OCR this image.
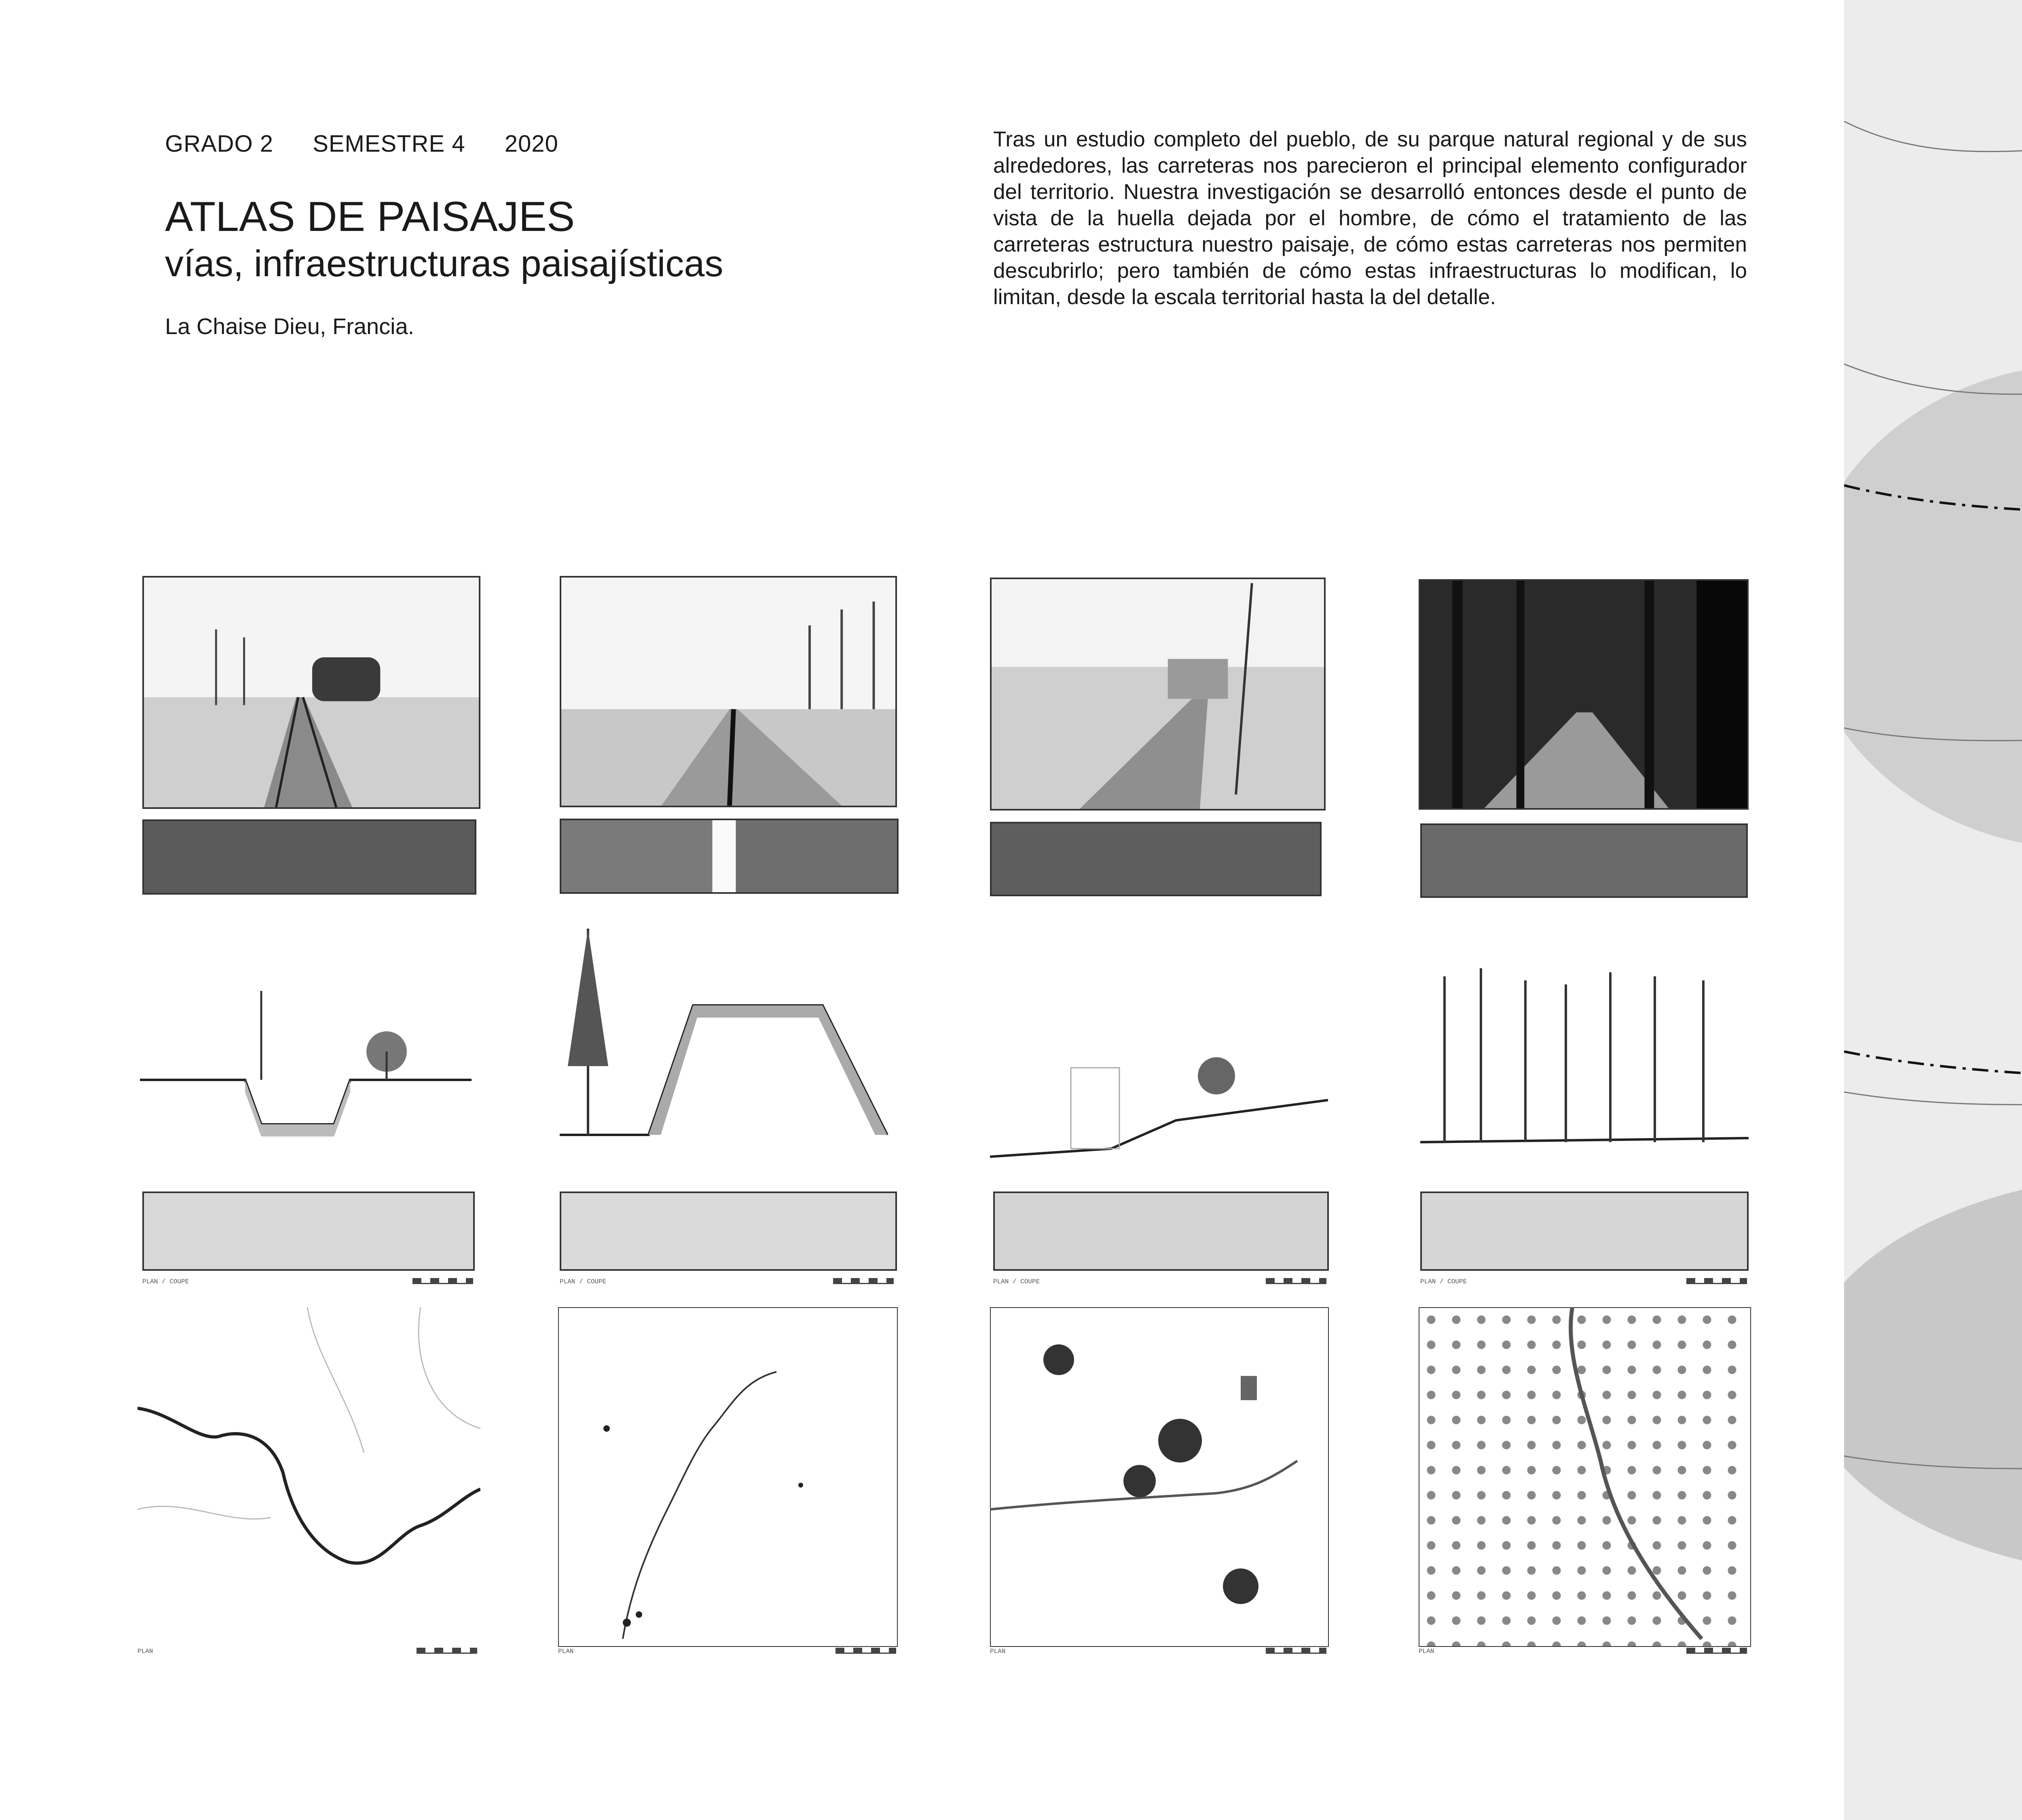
GRADO 2 SEMESTRE 4 2020
ATLAS DE PAISAJES
vías, infraestructuras paisajísticas
La Chaise Dieu, Francia.
Tras un estudio completo del pueblo, de su parque natural regional y de sus alrededores, las carreteras nos parecieron el principal elemento configurador del territorio. Nuestra investigación se desarrolló entonces desde el punto de vista de la huella dejada por el hombre, de cómo el tratamiento de las carreteras estructura nuestro paisaje, de cómo estas carreteras nos permiten descubrirlo; pero también de cómo estas infraestructuras lo modifican, lo limitan, desde la escala territorial hasta la del detalle.
PLAN / COUPE
PLAN
PLAN / COUPE
PLAN
PLAN / COUPE
PLAN
PLAN / COUPE
PLAN
